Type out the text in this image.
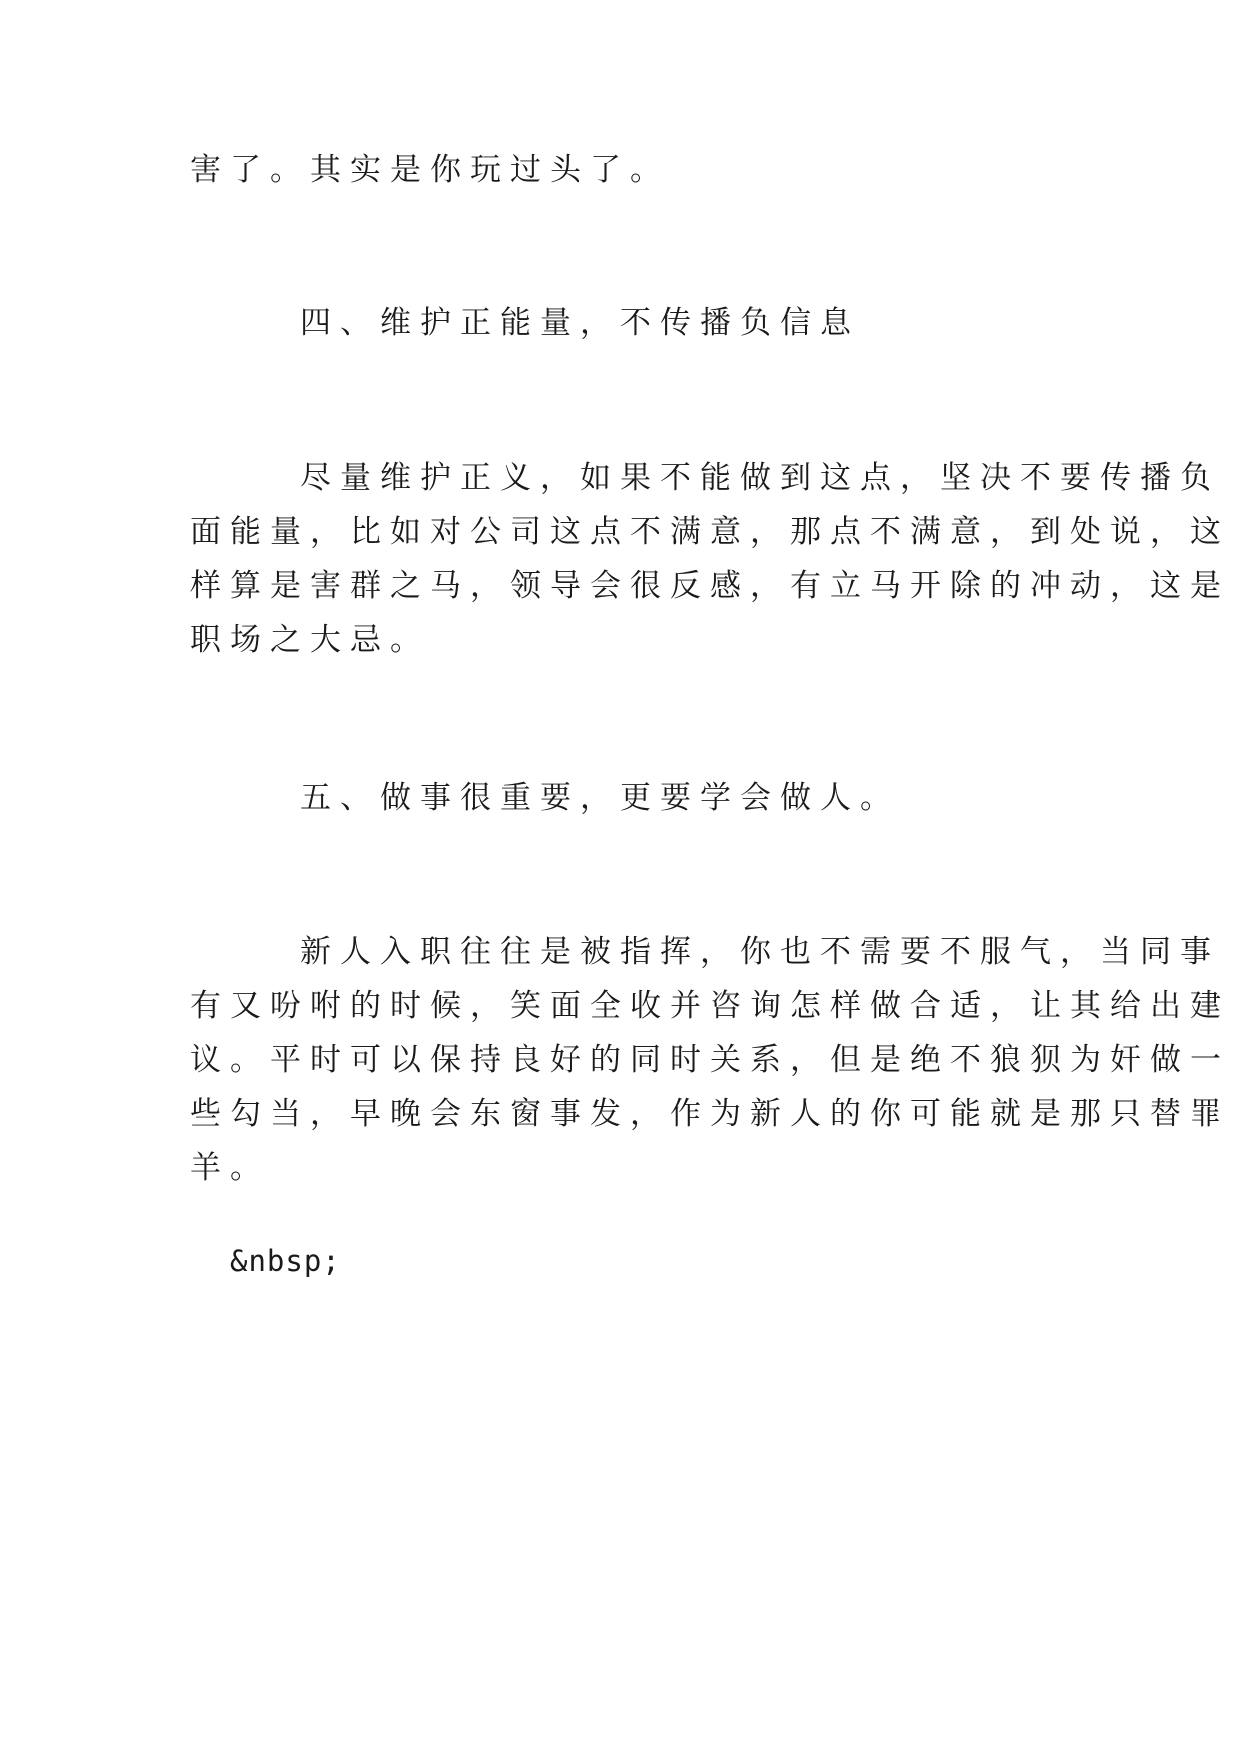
害了。其实是你玩过头了。
四、维护正能量，不传播负信息
尽量维护正义，如果不能做到这点，坚决不要传播负
面能量，比如对公司这点不满意，那点不满意，到处说，这
样算是害群之马，领导会很反感，有立马开除的冲动，这是
职场之大忌。
五、做事很重要，更要学会做人。
新人入职往往是被指挥，你也不需要不服气，当同事
有又吩咐的时候，笑面全收并咨询怎样做合适，让其给出建
议。平时可以保持良好的同时关系，但是绝不狼狈为奸做一
些勾当，早晚会东窗事发，作为新人的你可能就是那只替罪
羊。
&nbsp;
